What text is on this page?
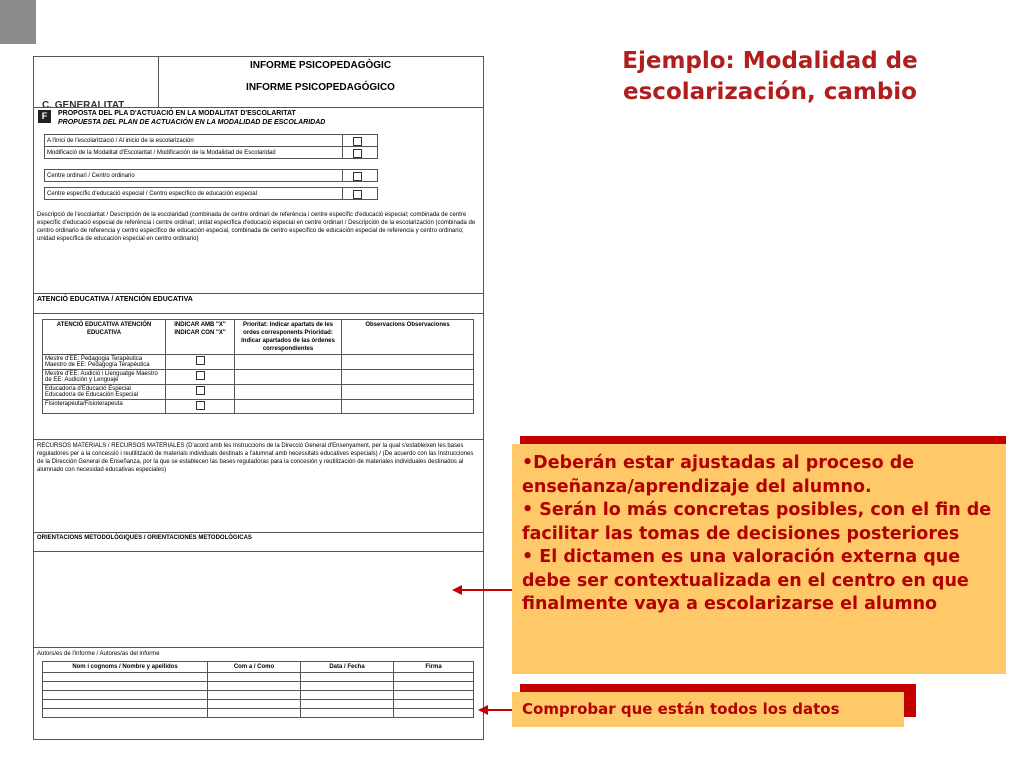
Ejemplo: Modalidad de escolarización, cambio
INFORME PSICOPEDAGÒGIC
INFORME PSICOPEDAGÓGICO
C. GENERALITAT
F	PROPOSTA DEL PLA D'ACTUACIÓ EN LA MODALITAT D'ESCOLARITAT
PROPUESTA DEL PLAN DE ACTUACIÓN EN LA MODALIDAD DE ESCOLARIDAD
A l'inici de l'escolarització / Al inicio de la escolarización
Modificació de la Modalitat d'Escolaritat / Modificación de la Modalidad de Escolaridad
Centre ordinari / Centro ordinario
Centre específic d'educació especial / Centro específico de educación especial
Descripció de l'escolaritat / Descripción de la escolaridad (combinada de centre ordinari de referència i centre específic d'educació especial; combinada de centre específic d'educació especial de referència i centre ordinari; unitat específica d'educació especial en centre ordinari / Descripción de la escolarización (combinada de centro ordinario de referencia y centro específico de educación especial, combinada de centro específico de educación especial de referencia y centro ordinario; unidad específica de educación especial en centro ordinario)
ATENCIÓ EDUCATIVA / ATENCIÓN EDUCATIVA
ATENCIÓ EDUCATIVA ATENCIÓN EDUCATIVA	INDICAR AMB "X" INDICAR CON "X"	Prioritat: Indicar apartats de les ordes corresponents Prioridad: Indicar apartados de las órdenes correspondientes	Observacions Observaciones
Mestre d'EE: Pedagogia Terapèutica Maestro de EE: Pedagogía Terapéutica			
Mestre d'EE: Audició i Llenguatge Maestro de EE: Audición y Lenguaje			
Educador/a d'Educació Especial Educador/a de Educación Especial			
Fisioterapeuta/Fisioterapeuta			
RECURSOS MATERIALS / RECURSOS MATERIALES (D'acord amb les Instruccions de la Direcció General d'Ensenyament, per la qual s'estableixen les bases reguladores per a la concessió i reutilització de materials individuals destinats a l'alumnat amb necessitats educatives especials) / (De acuerdo con las Instrucciones de la Dirección General de Enseñanza, por la que se establecen las bases reguladoras para la concesión y reutilización de materiales individuales destinados al alumnado con necesidad educativas especiales)
ORIENTACIONS METODOLÒGIQUES / ORIENTACIONES METODOLÓGICAS
Autors/es de l'informe / Autores/as del informe
Nom i cognoms / Nombre y apellidos	Com a / Como	Data / Fecha	Firma

•Deberán estar ajustadas al proceso de enseñanza/aprendizaje del alumno.
• Serán lo más concretas posibles, con el fin de facilitar las tomas de decisiones posteriores
• El dictamen es una valoración externa que debe ser contextualizada en el centro en que finalmente vaya a escolarizarse el alumno
Comprobar que están todos los datos
